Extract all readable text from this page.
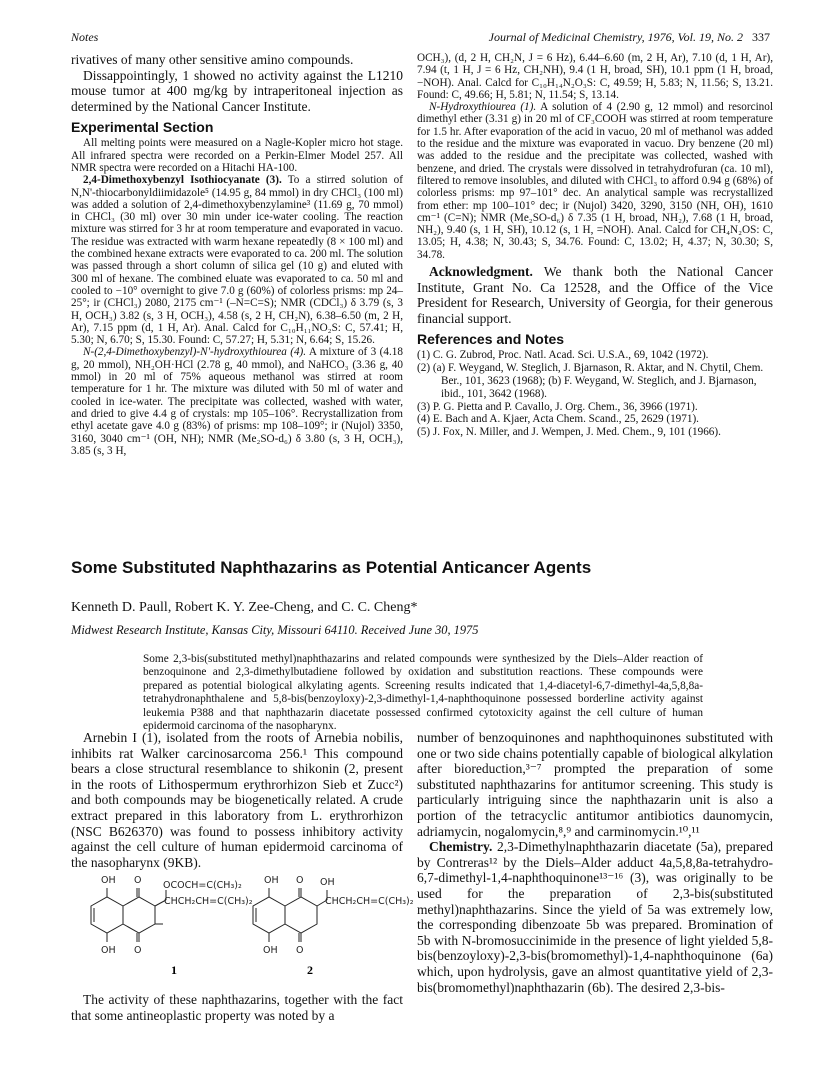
Notes	Journal of Medicinal Chemistry, 1976, Vol. 19, No. 2 337

rivatives of many other sensitive amino compounds.

Dissappointingly, 1 showed no activity against the L1210 mouse tumor at 400 mg/kg by intraperitoneal injection as determined by the National Cancer Institute.

Experimental Section

All melting points were measured on a Nagle-Kopler micro hot stage. All infrared spectra were recorded on a Perkin-Elmer Model 257. All NMR spectra were recorded on a Hitachi HA-100.

2,4-Dimethoxybenzyl Isothiocyanate (3). To a stirred solution of N,N'-thiocarbonyldiimidazole⁵ (14.95 g, 84 mmol) in dry CHCl₃ (100 ml) was added a solution of 2,4-dimethoxybenzylamine³ (11.69 g, 70 mmol) in CHCl₃ (30 ml) over 30 min under ice-water cooling. The reaction mixture was stirred for 3 hr at room temperature and evaporated in vacuo. The residue was extracted with warm hexane repeatedly (8 × 100 ml) and the combined hexane extracts were evaporated to ca. 200 ml. The solution was passed through a short column of silica gel (10 g) and eluted with 300 ml of hexane. The combined eluate was evaporated to ca. 50 ml and cooled to −10° overnight to give 7.0 g (60%) of colorless prisms: mp 24–25°; ir (CHCl₃) 2080, 2175 cm⁻¹ (–N=C=S); NMR (CDCl₃) δ 3.79 (s, 3 H, OCH₃) 3.82 (s, 3 H, OCH₃), 4.58 (s, 2 H, CH₂N), 6.38–6.50 (m, 2 H, Ar), 7.15 ppm (d, 1 H, Ar). Anal. Calcd for C₁₀H₁₁NO₂S: C, 57.41; H, 5.30; N, 6.70; S, 15.30. Found: C, 57.27; H, 5.31; N, 6.64; S, 15.26.

N-(2,4-Dimethoxybenzyl)-N'-hydroxythiourea (4). A mixture of 3 (4.18 g, 20 mmol), NH₂OH·HCl (2.78 g, 40 mmol), and NaHCO₃ (3.36 g, 40 mmol) in 20 ml of 75% aqueous methanol was stirred at room temperature for 1 hr. The mixture was diluted with 50 ml of water and cooled in ice-water. The precipitate was collected, washed with water, and dried to give 4.4 g of crystals: mp 105–106°. Recrystallization from ethyl acetate gave 4.0 g (83%) of prisms: mp 108–109°; ir (Nujol) 3350, 3160, 3040 cm⁻¹ (OH, NH); NMR (Me₂SO-d₆) δ 3.80 (s, 3 H, OCH₃), 3.85 (s, 3 H,

OCH₃), (d, 2 H, CH₂N, J = 6 Hz), 6.44–6.60 (m, 2 H, Ar), 7.10 (d, 1 H, Ar), 7.94 (t, 1 H, J = 6 Hz, CH₂NH), 9.4 (1 H, broad, SH), 10.1 ppm (1 H, broad, −NOH). Anal. Calcd for C₁₀H₁₄N₂O₃S: C, 49.59; H, 5.83; N, 11.56; S, 13.21. Found: C, 49.66; H, 5.81; N, 11.54; S, 13.14.

N-Hydroxythiourea (1). A solution of 4 (2.90 g, 12 mmol) and resorcinol dimethyl ether (3.31 g) in 20 ml of CF₃COOH was stirred at room temperature for 1.5 hr. After evaporation of the acid in vacuo, 20 ml of methanol was added to the residue and the mixture was evaporated in vacuo. Dry benzene (20 ml) was added to the residue and the precipitate was collected, washed with benzene, and dried. The crystals were dissolved in tetrahydrofuran (ca. 10 ml), filtered to remove insolubles, and diluted with CHCl₃ to afford 0.94 g (68%) of colorless prisms: mp 97–101° dec. An analytical sample was recrystallized from ether: mp 100–101° dec; ir (Nujol) 3420, 3290, 3150 (NH, OH), 1610 cm⁻¹ (C=N); NMR (Me₂SO-d₆) δ 7.35 (1 H, broad, NH₂), 7.68 (1 H, broad, NH₂), 9.40 (s, 1 H, SH), 10.12 (s, 1 H, =NOH). Anal. Calcd for CH₄N₂OS: C, 13.05; H, 4.38; N, 30.43; S, 34.76. Found: C, 13.02; H, 4.37; N, 30.30; S, 34.78.

Acknowledgment. We thank both the National Cancer Institute, Grant No. Ca 12528, and the Office of the Vice President for Research, University of Georgia, for their generous financial support.

References and Notes
(1) C. G. Zubrod, Proc. Natl. Acad. Sci. U.S.A., 69, 1042 (1972).
(2) (a) F. Weygand, W. Steglich, J. Bjarnason, R. Aktar, and N. Chytil, Chem. Ber., 101, 3623 (1968); (b) F. Weygand, W. Steglich, and J. Bjarnason, ibid., 101, 3642 (1968).
(3) P. G. Pietta and P. Cavallo, J. Org. Chem., 36, 3966 (1971).
(4) E. Bach and A. Kjaer, Acta Chem. Scand., 25, 2629 (1971).
(5) J. Fox, N. Miller, and J. Wempen, J. Med. Chem., 9, 101 (1966).
Some Substituted Naphthazarins as Potential Anticancer Agents
Kenneth D. Paull, Robert K. Y. Zee-Cheng, and C. C. Cheng*
Midwest Research Institute, Kansas City, Missouri 64110. Received June 30, 1975

Some 2,3-bis(substituted methyl)naphthazarins and related compounds were synthesized by the Diels–Alder reaction of benzoquinone and 2,3-dimethylbutadiene followed by oxidation and substitution reactions. These compounds were prepared as potential biological alkylating agents. Screening results indicated that 1,4-diacetyl-6,7-dimethyl-4a,5,8,8a-tetrahydronaphthalene and 5,8-bis(benzoyloxy)-2,3-dimethyl-1,4-naphthoquinone possessed borderline activity against leukemia P388 and that naphthazarin diacetate possessed confirmed cytotoxicity against the cell culture of human epidermoid carcinoma of the nasopharynx.

Arnebin I (1), isolated from the roots of Arnebia nobilis, inhibits rat Walker carcinosarcoma 256.¹ This compound bears a close structural resemblance to shikonin (2, present in the roots of Lithospermum erythrorhizon Sieb et Zucc²) and both compounds may be biogenetically related. A crude extract prepared in this laboratory from L. erythrorhizon (NSC B626370) was found to possess inhibitory activity against the cell culture of human epidermoid carcinoma of the nasopharynx (9KB).

OH O OCOCH=C(CH₃)₂
CHCH₂CH=C(CH₃)₂
OH O
1
OH O OH
CHCH₂CH=C(CH₃)₂
OH O
2

The activity of these naphthazarins, together with the fact that some antineoplastic property was noted by a

number of benzoquinones and naphthoquinones substituted with one or two side chains potentially capable of biological alkylation after bioreduction,³⁻⁷ prompted the preparation of some substituted naphthazarins for antitumor screening. This study is particularly intriguing since the naphthazarin unit is also a portion of the tetracyclic antitumor antibiotics daunomycin, adriamycin, nogalomycin,⁸,⁹ and carminomycin.¹⁰,¹¹

Chemistry. 2,3-Dimethylnaphthazarin diacetate (5a), prepared by Contreras¹² by the Diels–Alder adduct 4a,5,8,8a-tetrahydro-6,7-dimethyl-1,4-naphthoquinone¹³⁻¹⁶ (3), was originally to be used for the preparation of 2,3-bis(substituted methyl)naphthazarins. Since the yield of 5a was extremely low, the corresponding dibenzoate 5b was prepared. Bromination of 5b with N-bromosuccinimide in the presence of light yielded 5,8-bis(benzoyloxy)-2,3-bis(bromomethyl)-1,4-naphthoquinone (6a) which, upon hydrolysis, gave an almost quantitative yield of 2,3-bis(bromomethyl)naphthazarin (6b). The desired 2,3-bis-
